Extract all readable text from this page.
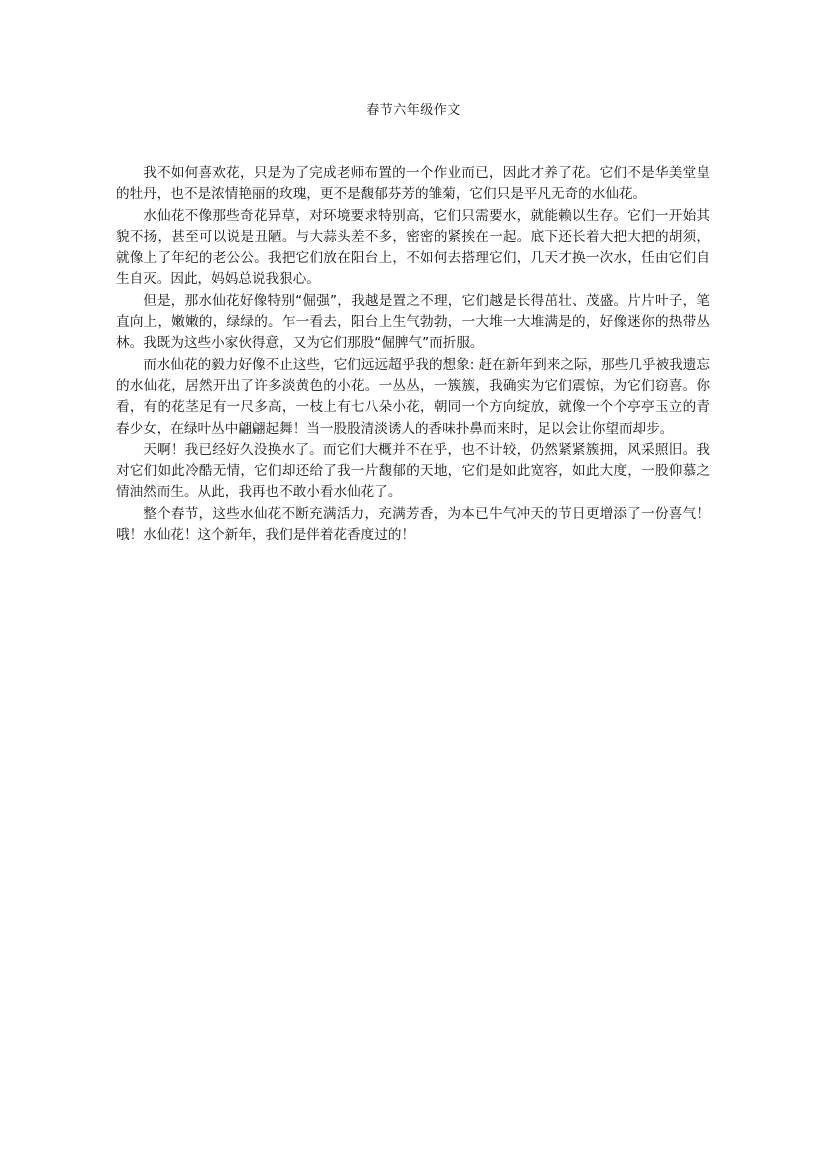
春节六年级作文

我不如何喜欢花，只是为了完成老师布置的一个作业而已，因此才养了花。它们不是华美堂皇的牡丹，也不是浓情艳丽的玫瑰，更不是馥郁芬芳的雏菊，它们只是平凡无奇的水仙花。

水仙花不像那些奇花异草，对环境要求特别高，它们只需要水，就能赖以生存。它们一开始其貌不扬，甚至可以说是丑陋。与大蒜头差不多，密密的紧挨在一起。底下还长着大把大把的胡须，就像上了年纪的老公公。我把它们放在阳台上，不如何去搭理它们，几天才换一次水，任由它们自生自灭。因此，妈妈总说我狠心。

但是，那水仙花好像特别“倔强”，我越是置之不理，它们越是长得茁壮、茂盛。片片叶子，笔直向上，嫩嫩的，绿绿的。乍一看去，阳台上生气勃勃，一大堆一大堆满是的，好像迷你的热带丛林。我既为这些小家伙得意，又为它们那股“倔脾气”而折服。

而水仙花的毅力好像不止这些，它们远远超乎我的想象: 赶在新年到来之际，那些几乎被我遗忘的水仙花，居然开出了许多淡黄色的小花。一丛丛，一簇簇，我确实为它们震惊，为它们窃喜。你看，有的花茎足有一尺多高，一枝上有七八朵小花，朝同一个方向绽放，就像一个个亭亭玉立的青春少女，在绿叶丛中翩翩起舞！当一股股清淡诱人的香味扑鼻而来时，足以会让你望而却步。

天啊！我已经好久没换水了。而它们大概并不在乎，也不计较，仍然紧紧簇拥，风采照旧。我对它们如此冷酷无情，它们却还给了我一片馥郁的天地，它们是如此宽容，如此大度，一股仰慕之情油然而生。从此，我再也不敢小看水仙花了。

整个春节，这些水仙花不断充满活力，充满芳香，为本已牛气冲天的节日更增添了一份喜气！哦！水仙花！这个新年，我们是伴着花香度过的！
